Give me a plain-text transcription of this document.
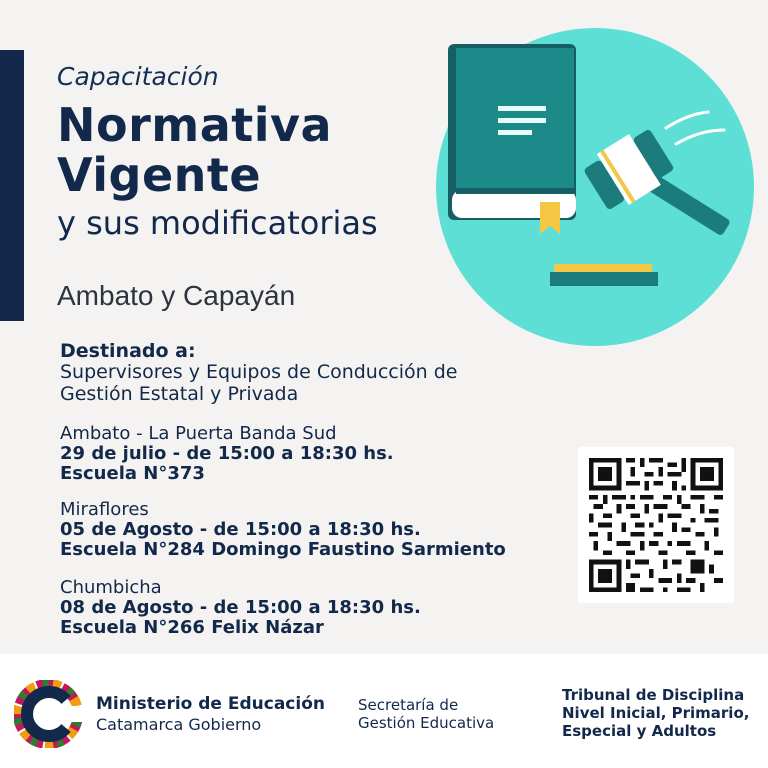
Capacitación
Normativa
Vigente
y sus modificatorias
Ambato y Capayán
Destinado a:
Supervisores y Equipos de Conducción de
Gestión Estatal y Privada
Ambato - La Puerta Banda Sud
29 de julio - de 15:00 a 18:30 hs.
Escuela N°373
Miraflores
05 de Agosto - de 15:00 a 18:30 hs.
Escuela N°284 Domingo Faustino Sarmiento
Chumbicha
08 de Agosto - de 15:00 a 18:30 hs.
Escuela N°266 Felix Názar
Ministerio de Educación
Catamarca Gobierno
Secretaría de
Gestión Educativa
Tribunal de Disciplina
Nivel Inicial, Primario,
Especial y Adultos
